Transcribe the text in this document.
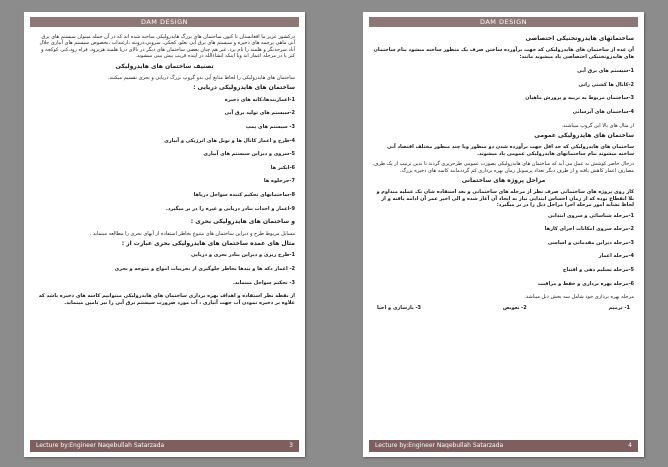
DAM DESIGN

درکشور عزیز ما افغانستان تا کنون ساختمان های بزرگ هایدرولیکی ساخته شده اند که در آن جمله میتوان سیستم های برق آبی ماهی پرچمه های ذخیره و سیستم های برق آبی نغلو، کجکی، سروبی،درونته ،ارغنداب ،بخصوص سیستم های آبیاری جلال آباد سرحدنگر و هلمند را نام برد. غیر هم چنان بعضی ساختمان های دیگر در بالای دریا هلمند هریرود، فراه رود،کنر، کوکچه و کنر با در مرحله اعمار اند ویا اینکه انشاءالله در اینده قریب پیش بینی میشوند.

تصنیف ساختمان های هایدرولیکی

ساختمان های هایدرولیکی را لحاظ منابع آبی بدو گروپ بزرگ دریایی و بحری تقسیم میکنند.

ساختمان های هایدرولیکی دریایی :
1-اعماربندها،کانه های ذخیره
2-سیستم های تولید برق آبی
3- سیستم های پمپ
4-طرح و اعمار کانال ها و تونل های انرژیکی و آبیاری
5-سروی و دیزاین سیستم های آبیاری
6-انکتر ها
7-جرجلوه ها
8-ساختمانهای تحکیم کننده سواحل دریاها
9-اعمار و احداث بنادر دریایی و غیره را در بر میگیرد.
و ساختمان های هایدرولیکی بحری :

مسایل مربوط طرح و دیزاین ساختمان های متنوع بخاطر استفاده از آبهای بحری را مطالعه مینماید .

مثال های عمده ساختمان های هایدرولیکی بحری عبارت از :
1-طرح ریزی و دیزاین بنادر بحری و دریایی
2- اعمار دکه ها و بندها بخاطر جلوگیری از تخریبات امواج و متوجه و بحری
3- تحکیم سواحل مینماید.

از نقطه نظر استفاده و اهداف بهره برداری ساختمان های هایدرولیکی میتوانیم کاسه های ذخیره باشد که علاوه بر ذخیره نمودن آب جهت آبیاری ، آب مورد ضرورت سیستم برق آبی را نیز تامین مینماید.

Lecture by:Engineer Naqebullah Satarzada	3
DAM DESIGN
ساختمانهای هایدروتخنیکی اختصاصی

آن عده از ساختمان های هایدرولیکی که جهت برآورده ساختن صرف یک منظور ساخته میشود بنام ساختمان های هایدروتخنیکی اختصاصی یاد میشوند مانند:

1-سیستم های برق آبی
2-کانال ها کشتی رانی
3-ساختمان مربوط به تربیه و پرورش ماهیان
4-ساختمان های آبرسانی

از مثال های بالا این گروپ میباشند.

ساختمان های هایدرولیکی عمومی

ساختمان های هایدرولیکی که حد اقل جهت برآورده شدن دو منظور ویا چند منظور مختلف اقتصاد آبی ساخته میشوند بنام ساختمانهای هایدرولیکی عمومی یاد میشوند.

درحال حاضر کوشش به عمل می آید که ساختمان های هایدرولیکی بصورت عمومی طرحریزی گردند تا بدین ترتیب از یک طرف مصارف اعمار کاهش یافته و از طرف دیگر تعداد پرسونل زمان بهره برداری کم گرددمانند کاسه های ذخیره بزرگ.

مراحل پروژه های ساختمانی

کار روی پروژه های ساختمانی صرف نظر از مرحله های ساختمانی و بعد استفاده شان یک عملیه متداوم و بلا انقطاع بوده که از زمان احساس ابتدایی نیاز به ایجاد آن آغاز شده و الی اخیر عمر آن ادامه یافته و از لحاظ تشابه امور مرحله اجرا مراحل ذیل را در بر میگیرد:

1-مرحله شناسائی و سروی ابتدایی
2-مرحله سروی امکانات اجرای کارها
3-مرحله دیزاین مقدماتی و اساسی
4-مرحله اعمار
5-مرحله تسلیم دهی و افتتاح
6-مرحله بهره برداری و حفظ و مراقبت

مرحله بهره برداری خود شامل سه بخش ذیل میباشد.

1- ترمیم
2- تعویض
3- بازسازی و احیا
Lecture by:Engineer Naqebullah Satarzada	4
